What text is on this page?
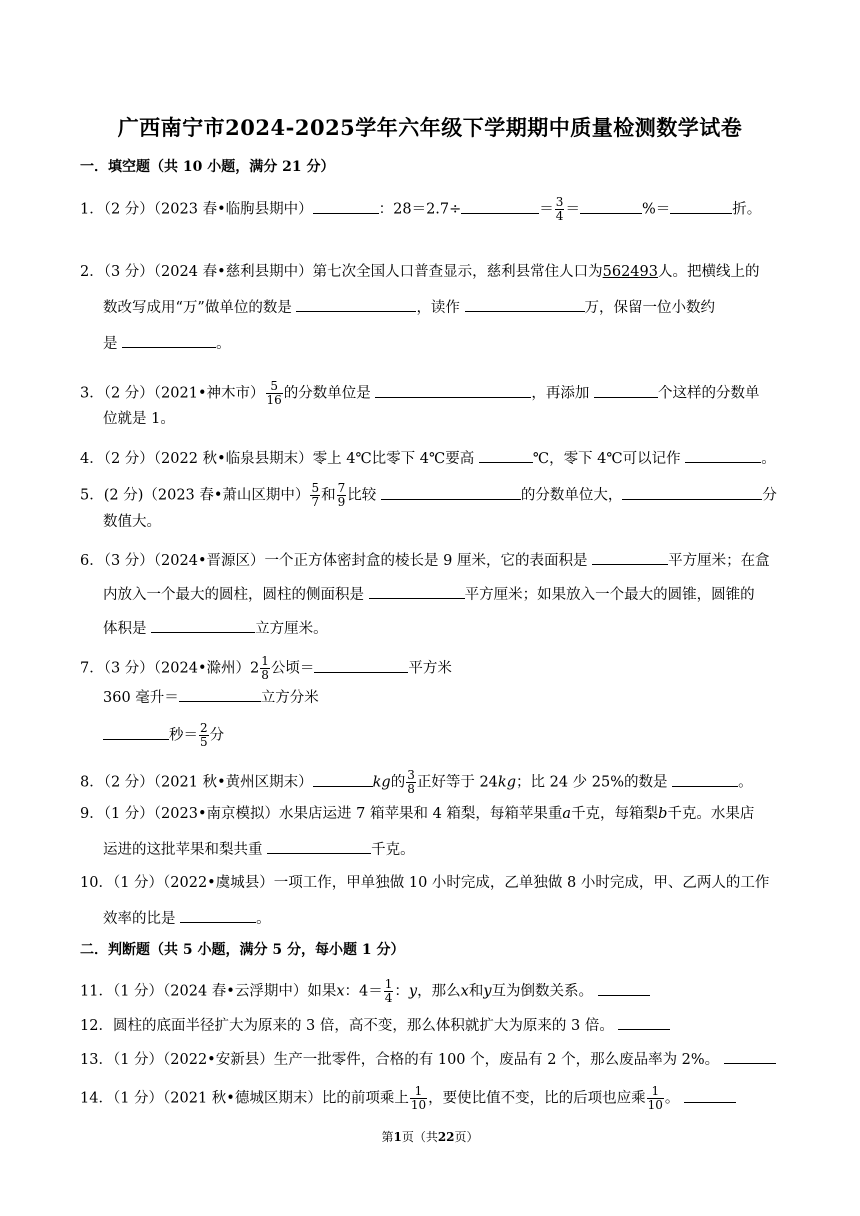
广西南宁市2024-2025学年六年级下学期期中质量检测数学试卷
一．填空题（共 10 小题，满分 21 分）
1．（2 分）（2023 春•临朐县期中）	：28＝2.7÷	＝ $\frac{3}{4}$ ＝	%＝	折。
2．（3 分）（2024 春•慈利县期中）第七次全国人口普查显示，慈利县常住人口为562493人。把横线上的
数改写成用“万”做单位的数是	，读作	万，保留一位小数约
是	。
3．（2 分）（2021•神木市） $\frac{5}{16}$ 的分数单位是	，再添加	个这样的分数单
位就是 1。
4．（2 分）（2022 秋•临泉县期末）零上 4℃比零下 4℃要高	℃，零下 4℃可以记作	。
5．(2 分)（2023 春•萧山区期中） $\frac{5}{7}$ 和 $\frac{7}{9}$ 比较	的分数单位大，	分
数值大。
6．（3 分）（2024•晋源区）一个正方体密封盒的棱长是 9 厘米，它的表面积是	平方厘米；在盒
内放入一个最大的圆柱，圆柱的侧面积是	平方厘米；如果放入一个最大的圆锥，圆锥的
体积是	立方厘米。
7．（3 分）（2024•滁州）$2 \frac{1}{8}$ 公顷＝	平方米
360 毫升＝	立方分米
秒＝ $\frac{2}{5}$ 分
8．（2 分）（2021 秋•黄州区期末）	kg的 $\frac{3}{8}$ 正好等于 24kg；比 24 少 25%的数是	。
9．（1 分）（2023•南京模拟）水果店运进 7 箱苹果和 4 箱梨，每箱苹果重a千克，每箱梨b千克。水果店
运进的这批苹果和梨共重	千克。
10．（1 分）（2022•虞城县）一项工作，甲单独做 10 小时完成，乙单独做 8 小时完成，甲、乙两人的工作
效率的比是	。
二．判断题（共 5 小题，满分 5 分，每小题 1 分）
11．（1 分）（2024 春•云浮期中）如果x：$4= \frac{1}{4}$ ：y，那么x和y互为倒数关系。
12．圆柱的底面半径扩大为原来的 3 倍，高不变，那么体积就扩大为原来的 3 倍。
13．（1 分）（2022•安新县）生产一批零件，合格的有 100 个，废品有 2 个，那么废品率为 2%。
14．（1 分）（2021 秋•德城区期末）比的前项乘上 $\frac{1}{10}$ ，要使比值不变，比的后项也应乘 $\frac{1}{10}$ 。
第1页（共22页）
